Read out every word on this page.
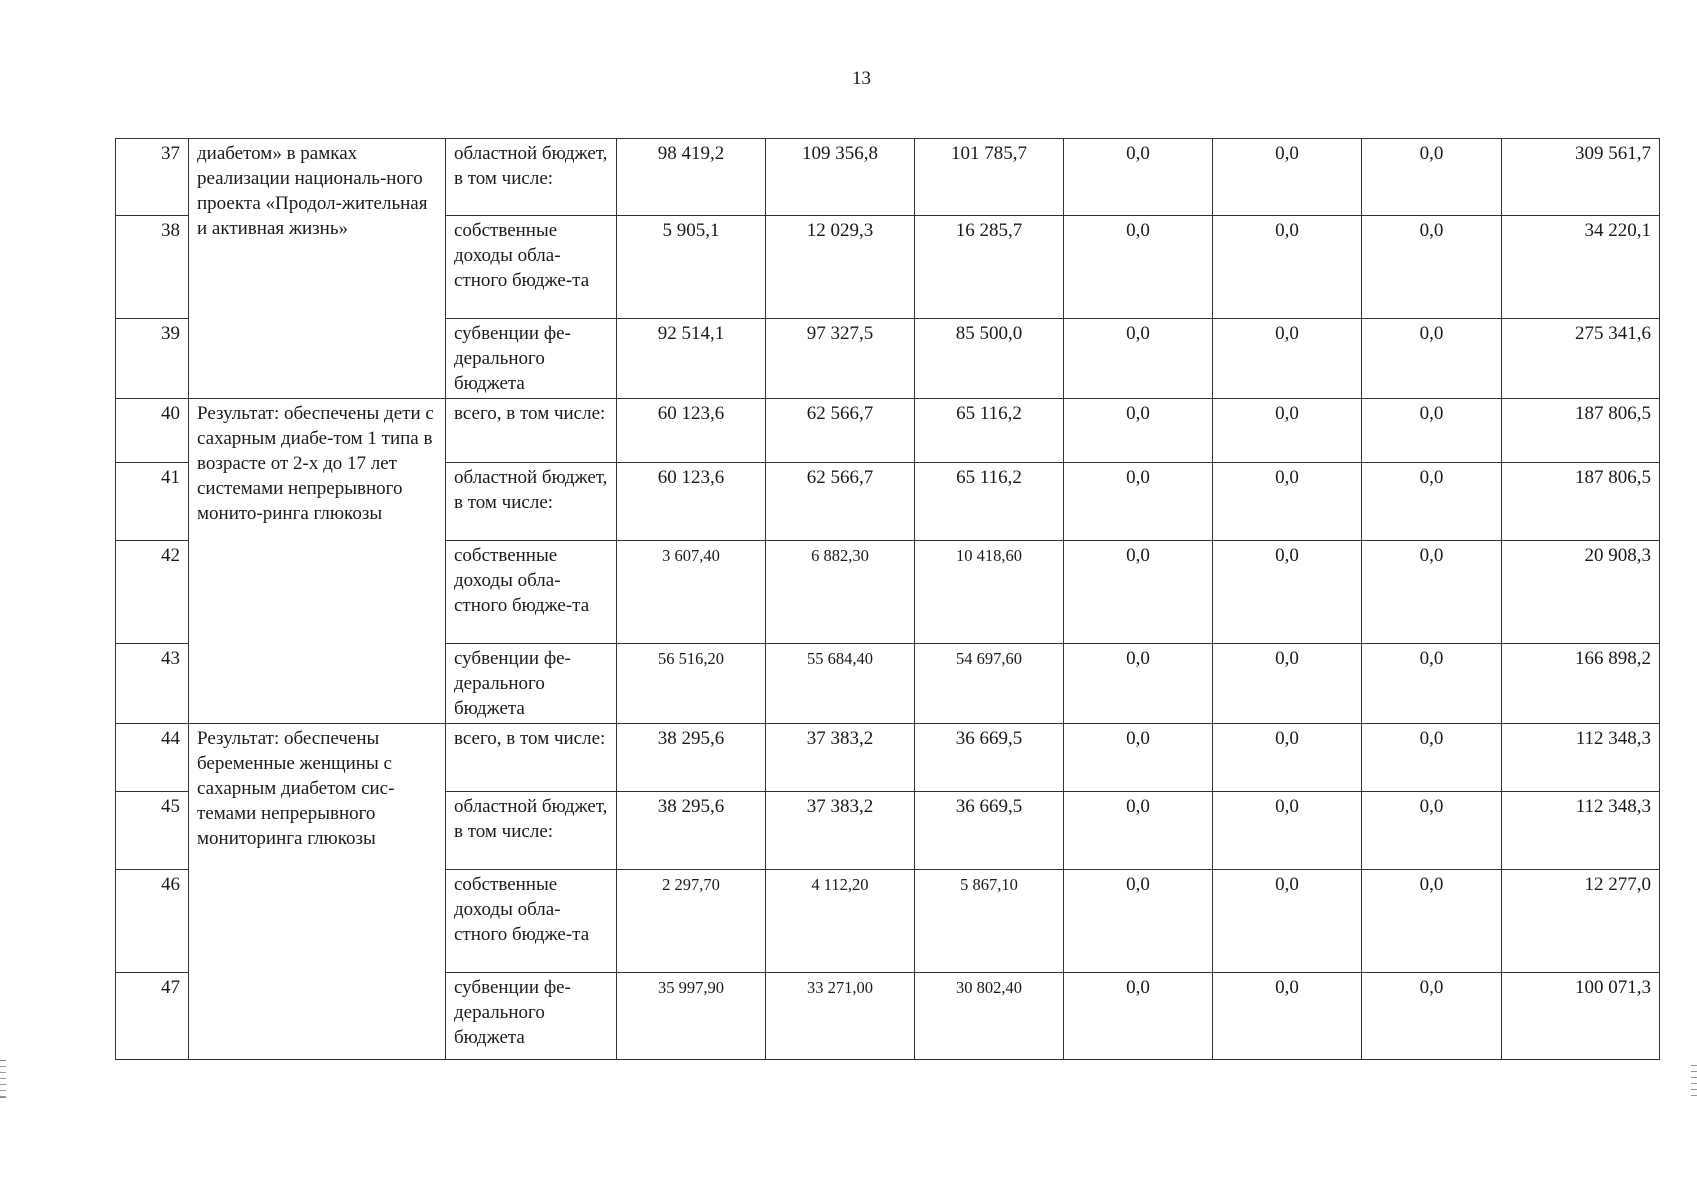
13
37	диабетом» в рамках реализации националь-ного проекта «Продол-жительная и активная жизнь»	областной бюджет, в том числе:	98 419,2	109 356,8	101 785,7	0,0	0,0	0,0	309 561,7
38		собственные доходы обла-стного бюдже-та	5 905,1	12 029,3	16 285,7	0,0	0,0	0,0	34 220,1
39		субвенции фе-дерального бюджета	92 514,1	97 327,5	85 500,0	0,0	0,0	0,0	275 341,6
40	Результат: обеспечены дети с сахарным диабе-том 1 типа в возрасте от 2-х до 17 лет системами непрерывного монито-ринга глюкозы	всего, в том числе:	60 123,6	62 566,7	65 116,2	0,0	0,0	0,0	187 806,5
41		областной бюджет, в том числе:	60 123,6	62 566,7	65 116,2	0,0	0,0	0,0	187 806,5
42		собственные доходы обла-стного бюдже-та	3 607,40	6 882,30	10 418,60	0,0	0,0	0,0	20 908,3
43		субвенции фе-дерального бюджета	56 516,20	55 684,40	54 697,60	0,0	0,0	0,0	166 898,2
44	Результат: обеспечены беременные женщины с сахарным диабетом сис-темами непрерывного мониторинга глюкозы	всего, в том числе:	38 295,6	37 383,2	36 669,5	0,0	0,0	0,0	112 348,3
45		областной бюджет, в том числе:	38 295,6	37 383,2	36 669,5	0,0	0,0	0,0	112 348,3
46		собственные доходы обла-стного бюдже-та	2 297,70	4 112,20	5 867,10	0,0	0,0	0,0	12 277,0
47		субвенции фе-дерального бюджета	35 997,90	33 271,00	30 802,40	0,0	0,0	0,0	100 071,3
